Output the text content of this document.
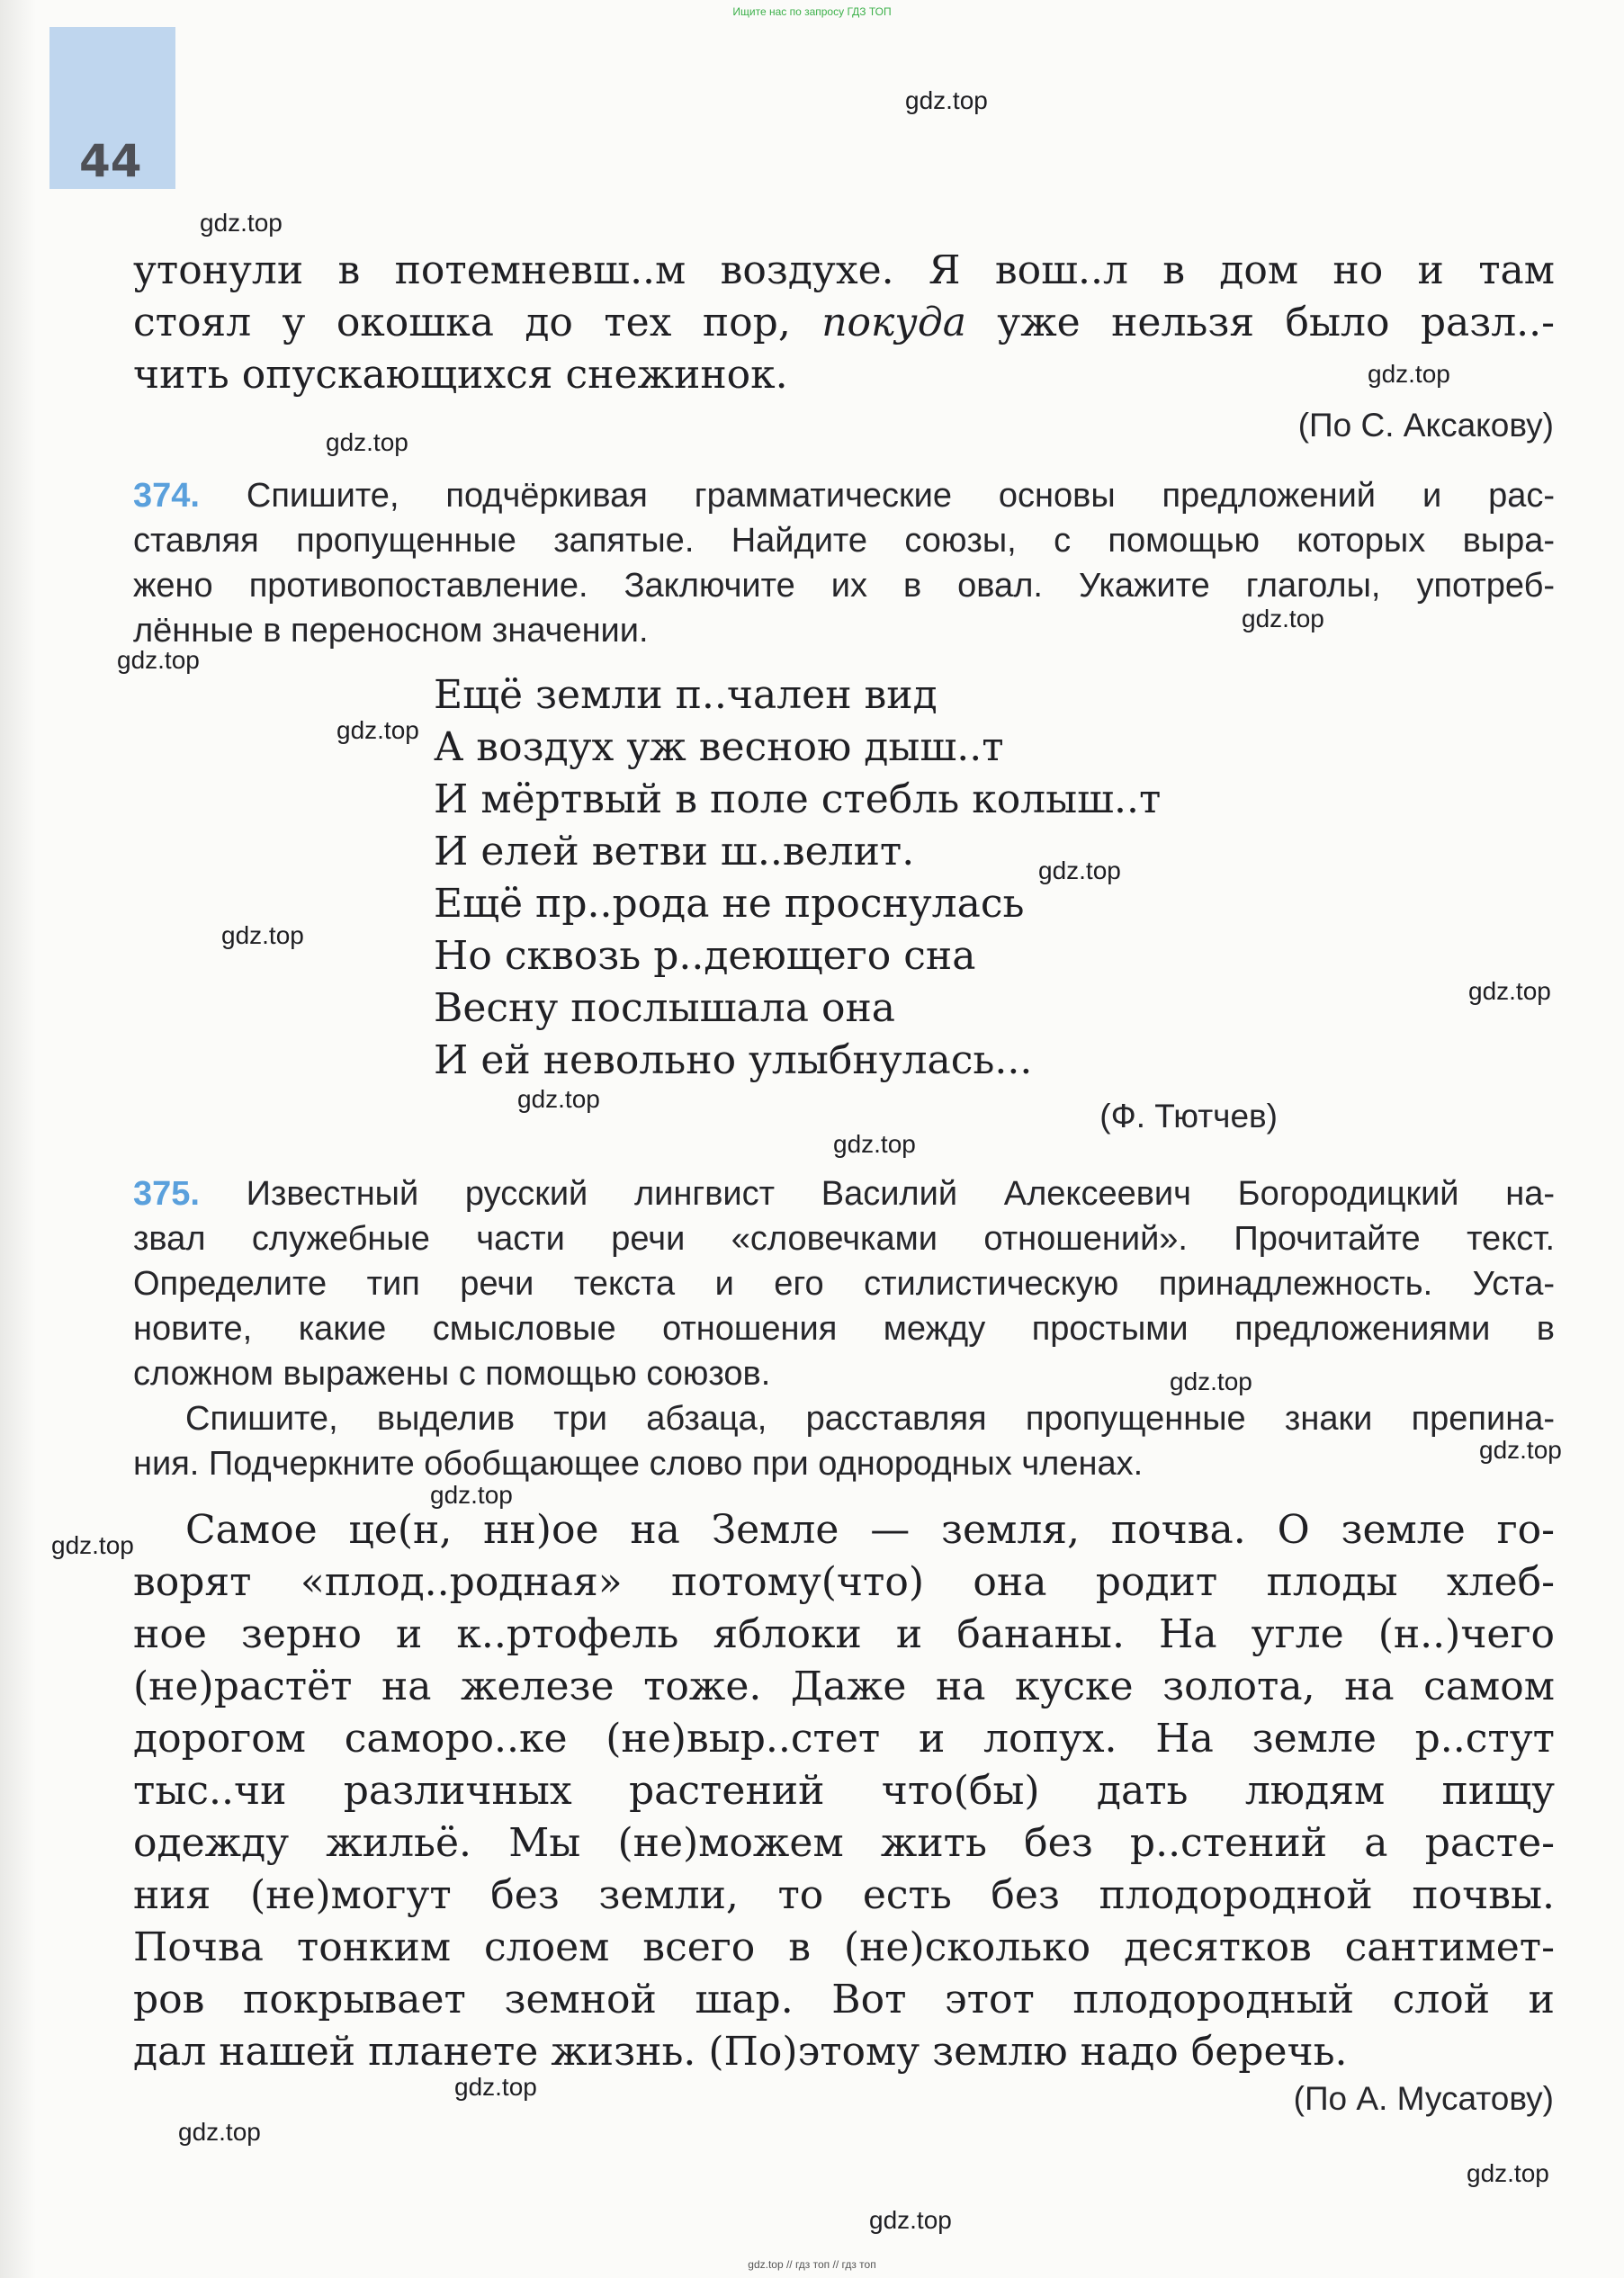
Ищите нас по запросу ГДЗ ТОП
44
gdz.top
gdz.top
gdz.top
gdz.top
gdz.top
gdz.top
gdz.top
gdz.top
gdz.top
gdz.top
gdz.top
gdz.top
gdz.top
gdz.top
gdz.top
gdz.top
gdz.top
gdz.top
gdz.top
gdz.top
утонули в потемневш..м воздухе. Я вош..л в дом но и там
стоял у окошка до тех пор, покуда уже нельзя было разл..-
чить опускающихся снежинок.
(По С. Аксакову)
374. Спишите, подчёркивая грамматические основы предложений и рас-
ставляя пропущенные запятые. Найдите союзы, с помощью которых выра-
жено противопоставление. Заключите их в овал. Укажите глаголы, употреб-
лённые в переносном значении.
Ещё земли п..чален вид
А воздух уж весною дыш..т
И мёртвый в поле стебль колыш..т
И елей ветви ш..велит.
Ещё пр..рода не проснулась
Но сквозь р..деющего сна
Весну послышала она
И ей невольно улыбнулась...
(Ф. Тютчев)
375. Известный русский лингвист Василий Алексеевич Богородицкий на-
звал служебные части речи «словечками отношений». Прочитайте текст.
Определите тип речи текста и его стилистическую принадлежность. Уста-
новите, какие смысловые отношения между простыми предложениями в
сложном выражены с помощью союзов.
Спишите, выделив три абзаца, расставляя пропущенные знаки препина-
ния. Подчеркните обобщающее слово при однородных членах.
Самое це(н, нн)ое на Земле — земля, почва. О земле го-
ворят «плод..родная» потому(что) она родит плоды хлеб-
ное зерно и к..ртофель яблоки и бананы. На угле (н..)чего
(не)растёт на железе тоже. Даже на куске золота, на самом
дорогом саморо..ке (не)выр..стет и лопух. На земле р..стут
тыс..чи различных растений что(бы) дать людям пищу
одежду жильё. Мы (не)можем жить без р..стений а расте-
ния (не)могут без земли, то есть без плодородной почвы.
Почва тонким слоем всего в (не)сколько десятков сантимет-
ров покрывает земной шар. Вот этот плодородный слой и
дал нашей планете жизнь. (По)этому землю надо беречь.
(По А. Мусатову)
gdz.top // гдз топ // гдз топ
